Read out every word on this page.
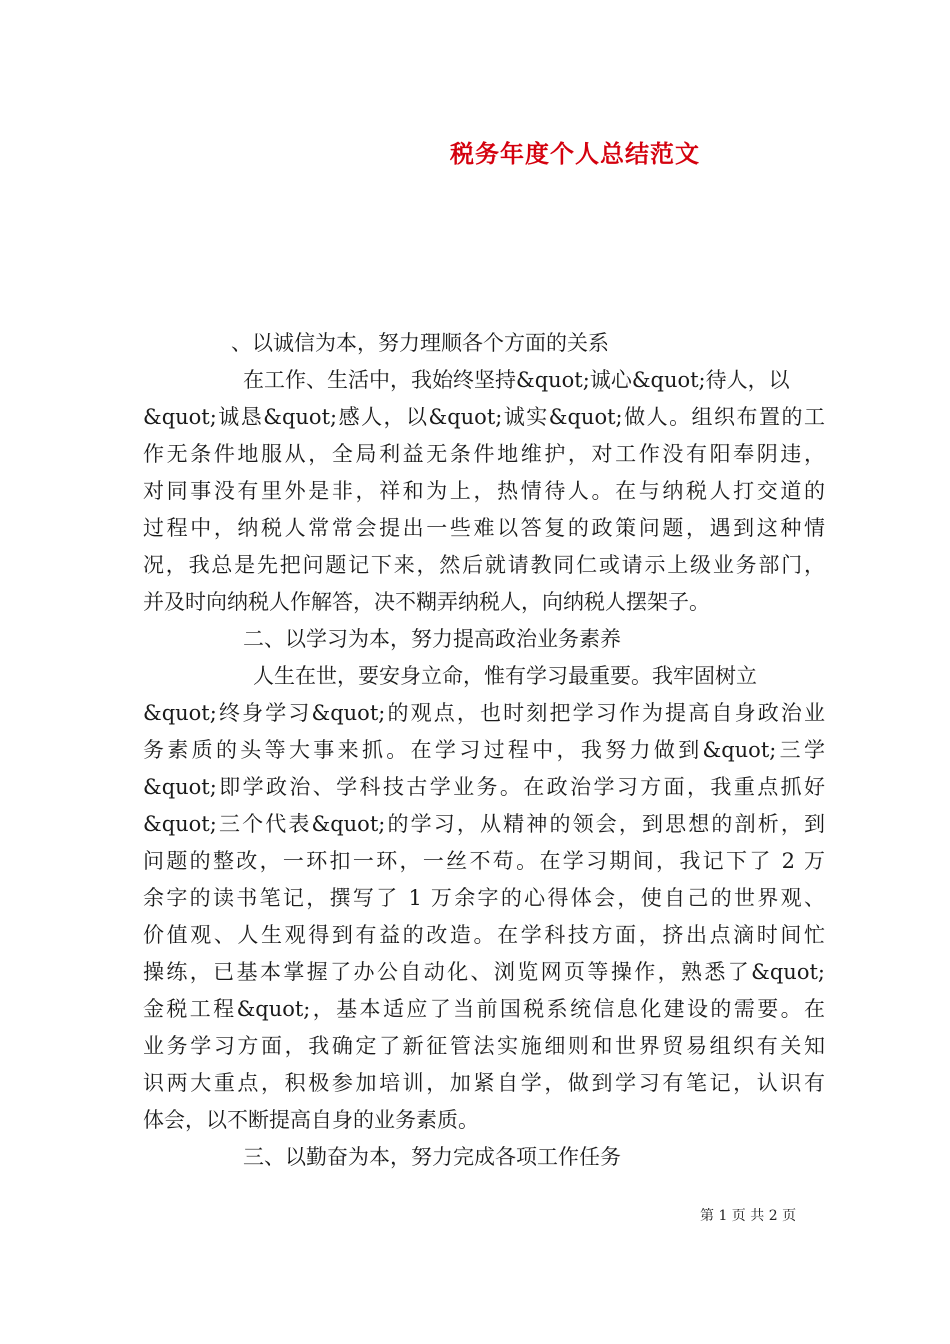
税务年度个人总结范文
、以诚信为本，努力理顺各个方面的关系
在工作、生活中，我始终坚持&quot;诚心&quot;待人，以
&quot;诚恳&quot;感人，以&quot;诚实&quot;做人。组织布置的工
作无条件地服从，全局利益无条件地维护，对工作没有阳奉阴违，
对同事没有里外是非，祥和为上，热情待人。在与纳税人打交道的
过程中，纳税人常常会提出一些难以答复的政策问题，遇到这种情
况，我总是先把问题记下来，然后就请教同仁或请示上级业务部门，
并及时向纳税人作解答，决不糊弄纳税人，向纳税人摆架子。
二、以学习为本，努力提高政治业务素养
人生在世，要安身立命，惟有学习最重要。我牢固树立
&quot;终身学习&quot;的观点，也时刻把学习作为提高自身政治业
务素质的头等大事来抓。在学习过程中，我努力做到&quot;三学
&quot;即学政治、学科技古学业务。在政治学习方面，我重点抓好
&quot;三个代表&quot;的学习，从精神的领会，到思想的剖析，到
问题的整改，一环扣一环，一丝不苟。在学习期间，我记下了 2 万
余字的读书笔记，撰写了 1 万余字的心得体会，使自己的世界观、
价值观、人生观得到有益的改造。在学科技方面，挤出点滴时间忙
操练，已基本掌握了办公自动化、浏览网页等操作，熟悉了&quot;
金税工程&quot;，基本适应了当前国税系统信息化建设的需要。在
业务学习方面，我确定了新征管法实施细则和世界贸易组织有关知
识两大重点，积极参加培训，加紧自学，做到学习有笔记，认识有
体会，以不断提高自身的业务素质。
三、以勤奋为本，努力完成各项工作任务
第 1 页 共 2 页
